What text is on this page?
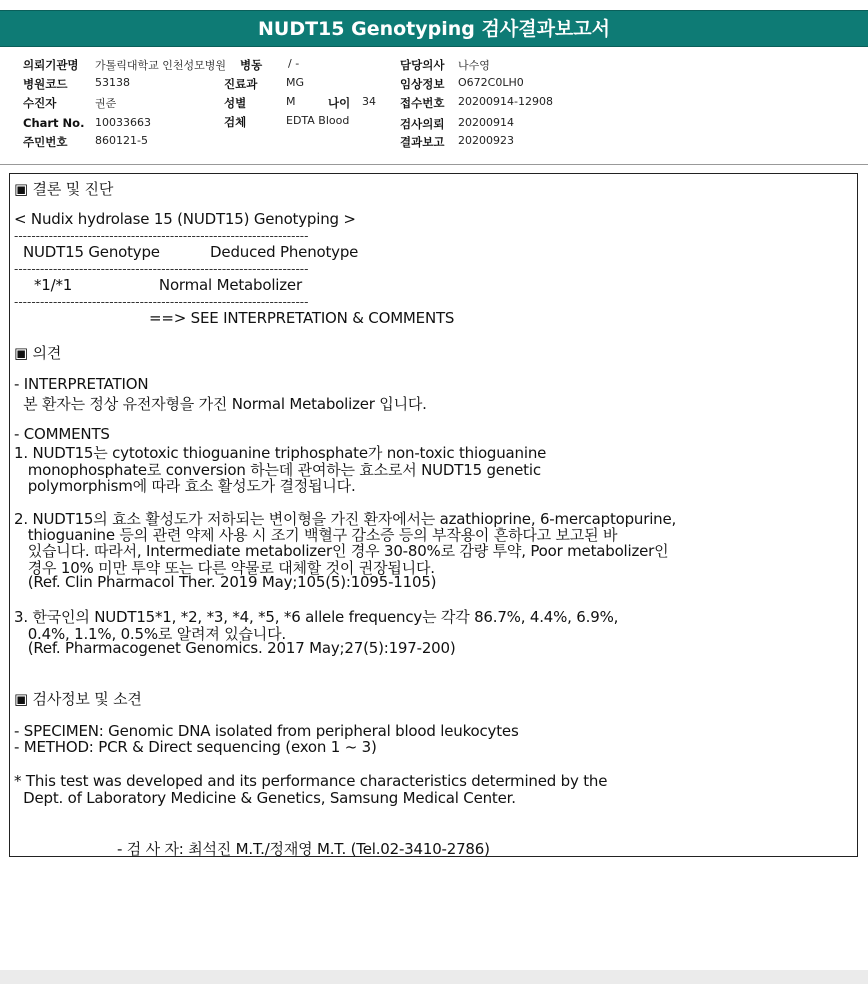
NUDT15 Genotyping 검사결과보고서
의뢰기관명 가톨릭대학교 인천성모병원 병동 / -	담당의사 나수영
병원코드	53138	진료과	MG	임상정보 O672C0LH0
수진자	권준	성별	M	나이 34 접수번호 20200914-12908
Chart No. 10033663	검체	EDTA Blood	검사의뢰 20200914
주민번호	860121-5	결과보고 20200923
▣ 결론 및 진단
< Nudix hydrolase 15 (NUDT15) Genotyping >
--------------------------------------------------------------------
NUDT15 Genotype           Deduced Phenotype
--------------------------------------------------------------------
*1/*1                   Normal Metabolizer
--------------------------------------------------------------------
==> SEE INTERPRETATION & COMMENTS
▣ 의견
- INTERPRETATION
본 환자는 정상 유전자형을 가진 Normal Metabolizer 입니다.
- COMMENTS
1. NUDT15는 cytotoxic thioguanine triphosphate가 non-toxic thioguanine
monophosphate로 conversion 하는데 관여하는 효소로서 NUDT15 genetic
polymorphism에 따라 효소 활성도가 결정됩니다.
2. NUDT15의 효소 활성도가 저하되는 변이형을 가진 환자에서는 azathioprine, 6-mercaptopurine,
thioguanine 등의 관련 약제 사용 시 조기 백혈구 감소증 등의 부작용이 흔하다고 보고된 바
있습니다. 따라서, Intermediate metabolizer인 경우 30-80%로 감량 투약, Poor metabolizer인
경우 10% 미만 투약 또는 다른 약물로 대체할 것이 권장됩니다.
(Ref. Clin Pharmacol Ther. 2019 May;105(5):1095-1105)
3. 한국인의 NUDT15*1, *2, *3, *4, *5, *6 allele frequency는 각각 86.7%, 4.4%, 6.9%,
0.4%, 1.1%, 0.5%로 알려져 있습니다.
(Ref. Pharmacogenet Genomics. 2017 May;27(5):197-200)
▣ 검사정보 및 소견
- SPECIMEN: Genomic DNA isolated from peripheral blood leukocytes
- METHOD: PCR & Direct sequencing (exon 1 ~ 3)
* This test was developed and its performance characteristics determined by the
Dept. of Laboratory Medicine & Genetics, Samsung Medical Center.
- 검 사 자: 최석진 M.T./정재영 M.T. (Tel.02-3410-2786)
